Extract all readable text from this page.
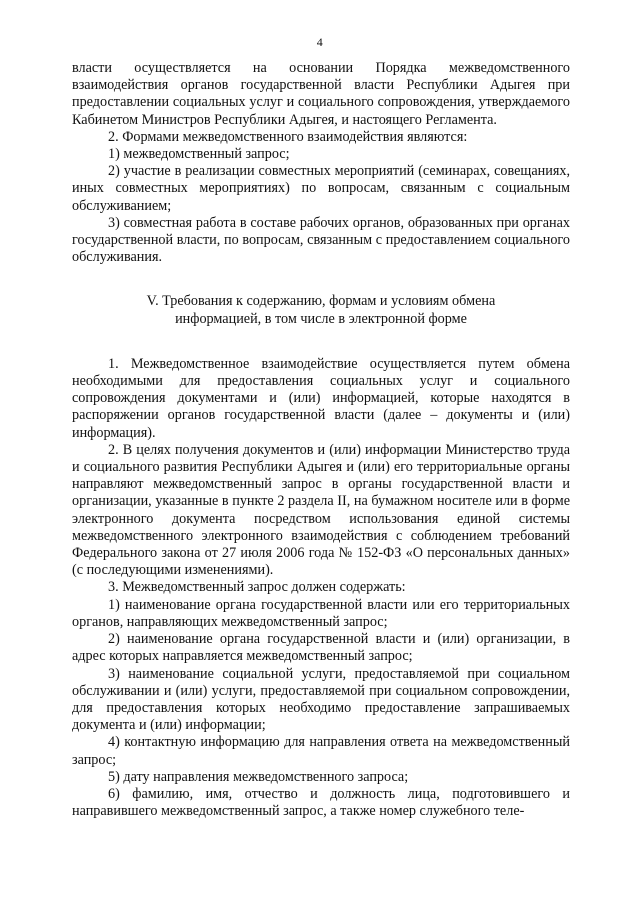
4

власти осуществляется на основании Порядка межведомственного взаимодействия органов государственной власти Республики Адыгея при предоставлении социальных услуг и социального сопровождения, утверждаемого Кабинетом Министров Республики Адыгея, и настоящего Регламента.

2. Формами межведомственного взаимодействия являются:

1) межведомственный запрос;

2) участие в реализации совместных мероприятий (семинарах, совещаниях, иных совместных мероприятиях) по вопросам, связанным с социальным обслуживанием;

3) совместная работа в составе рабочих органов, образованных при органах государственной власти, по вопросам, связанным с предоставлением социального обслуживания.

V. Требования к содержанию, формам и условиям обмена
информацией, в том числе в электронной форме

1. Межведомственное взаимодействие осуществляется путем обмена необходимыми для предоставления социальных услуг и социального сопровождения документами и (или) информацией, которые находятся в распоряжении органов государственной власти (далее – документы и (или) информация).

2. В целях получения документов и (или) информации Министерство труда и социального развития Республики Адыгея и (или) его территориальные органы направляют межведомственный запрос в органы государственной власти и организации, указанные в пункте 2 раздела II, на бумажном носителе или в форме электронного документа посредством использования единой системы межведомственного электронного взаимодействия с соблюдением требований Федерального закона от 27 июля 2006 года № 152-ФЗ «О персональных данных» (с последующими изменениями).

3. Межведомственный запрос должен содержать:

1) наименование органа государственной власти или его территориальных органов, направляющих межведомственный запрос;

2) наименование органа государственной власти и (или) организации, в адрес которых направляется межведомственный запрос;

3) наименование социальной услуги, предоставляемой при социальном обслуживании и (или) услуги, предоставляемой при социальном сопровождении, для предоставления которых необходимо предоставление запрашиваемых документа и (или) информации;

4) контактную информацию для направления ответа на межведомственный запрос;

5) дату направления межведомственного запроса;

6) фамилию, имя, отчество и должность лица, подготовившего и направившего межведомственный запрос, а также номер служебного теле-
